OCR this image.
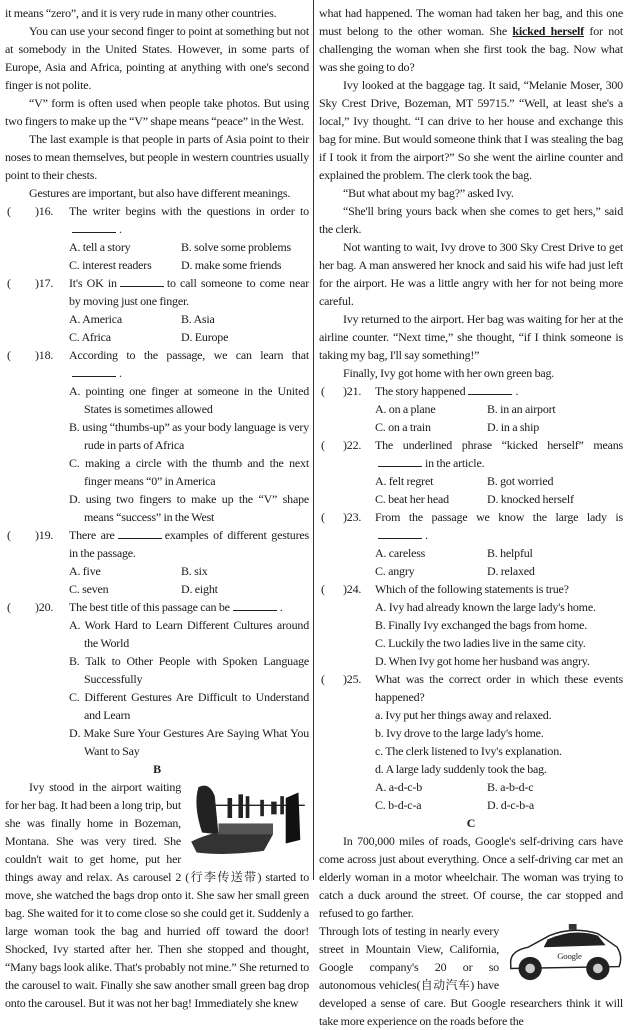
it means “zero”, and it is very rude in many other countries.

You can use your second finger to point at something but not at somebody in the United States. However, in some parts of Europe, Asia and Africa, pointing at anything with one's second finger is not polite.

“V” form is often used when people take photos. But using two fingers to make up the “V” shape means “peace” in the West.

The last example is that people in parts of Asia point to their noses to mean themselves, but people in western countries usually point to their chests.

Gestures are important, but also have different meanings.

( )16. The writer begins with the questions in order to.
A. tell a story	B. solve some problems
C. interest readers	D. make some friends
( )17. It's OK in	to call someone to come near by moving just one finger.
A. America	B. Asia
C. Africa	D. Europe
( )18. According to the passage, we can learn that.
A. pointing one finger at someone in the United States is sometimes allowed
B. using “thumbs-up” as your body language is very rude in parts of Africa
C. making a circle with the thumb and the next finger means “0” in America
D. using two fingers to make up the “V” shape means “success” in the West
( )19. There are	examples of different gestures in the passage.
A. five	B. six
C. seven	D. eight
( )20. The best title of this passage can be	.
A. Work Hard to Learn Different Cultures around the World
B. Talk to Other People with Spoken Language Successfully
C. Different Gestures Are Difficult to Understand and Learn
D. Make Sure Your Gestures Are Saying What You Want to Say
B

Ivy stood in the airport waiting for her bag. It had been a long trip, but she was finally home in Bozeman, Montana. She was very tired. She couldn't wait to get home, put her things away and relax. As carousel 2 (行李传送带) started to move, she watched the bags drop onto it. She saw her small green bag. She waited for it to come close so she could get it. Suddenly a large woman took the bag and hurried off toward the door! Shocked, Ivy started after her. Then she stopped and thought, “Many bags look alike. That's probably not mine.” She returned to the carousel to wait. Finally she saw another small green bag drop onto the carousel. But it was not her bag! Immediately she knew

what had happened. The woman had taken her bag, and this one must belong to the other woman. She kicked herself for not challenging the woman when she first took the bag. Now what was she going to do?

Ivy looked at the baggage tag. It said, “Melanie Moser, 300 Sky Crest Drive, Bozeman, MT 59715.” “Well, at least she's a local,” Ivy thought. “I can drive to her house and exchange this bag for mine. But would someone think that I was stealing the bag if I took it from the airport?” So she went the airline counter and explained the problem. The clerk took the bag.

“But what about my bag?” asked Ivy.

“She'll bring yours back when she comes to get hers,” said the clerk.

Not wanting to wait, Ivy drove to 300 Sky Crest Drive to get her bag. A man answered her knock and said his wife had just left for the airport. He was a little angry with her for not being more careful.

Ivy returned to the airport. Her bag was waiting for her at the airline counter. “Next time,” she thought, “if I think someone is taking my bag, I'll say something!”

Finally, Ivy got home with her own green bag.

( )21. The story happened	.
A. on a plane	B. in an airport
C. on a train	D. in a ship
( )22. The underlined phrase “kicked herself” meansin the article.
A. felt regret	B. got worried
C. beat her head	D. knocked herself
( )23. From the passage we know the large lady is.
A. careless	B. helpful
C. angry	D. relaxed
( )24. Which of the following statements is true?
A. Ivy had already known the large lady's home.
B. Finally Ivy exchanged the bags from home.
C. Luckily the two ladies live in the same city.
D. When Ivy got home her husband was angry.
( )25. What was the correct order in which these events happened?
a. Ivy put her things away and relaxed.
b. Ivy drove to the large lady's home.
c. The clerk listened to Ivy's explanation.
d. A large lady suddenly took the bag.
A. a-d-c-b	B. a-b-d-c
C. b-d-c-a	D. d-c-b-a
C

In 700,000 miles of roads, Google's self-driving cars have come across just about everything. Once a self-driving car met an elderly woman in a motor wheelchair. The woman was trying to catch a duck around the street. Of course, the car stopped and refused to go farther.

Google
Through lots of testing in nearly every street in Mountain View, California, Google company's 20 or so autonomous vehicles(自动汽车) have developed a sense of care. But Google researchers think it will take more experience on the roads before the
